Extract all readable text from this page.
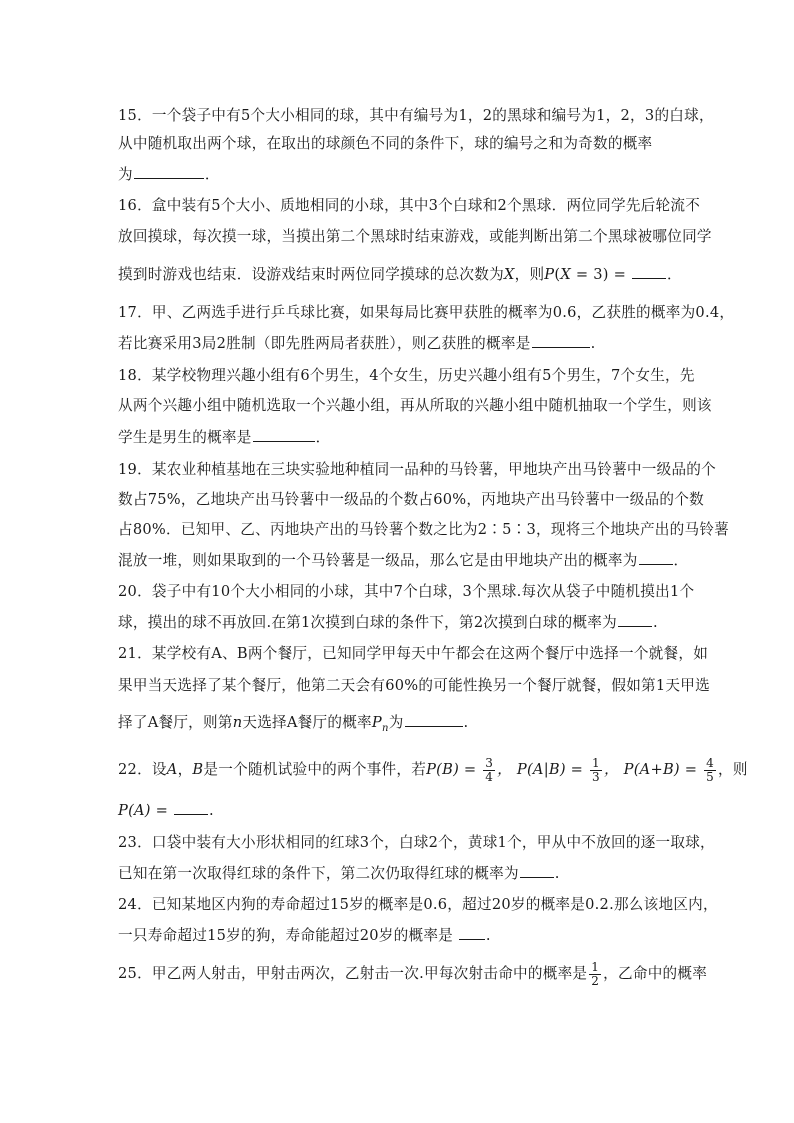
15．一个袋子中有5个大小相同的球，其中有编号为1，2的黑球和编号为1，2，3的白球，
从中随机取出两个球，在取出的球颜色不同的条件下，球的编号之和为奇数的概率
为	．
16．盒中装有5个大小、质地相同的小球，其中3个白球和2个黑球．两位同学先后轮流不
放回摸球，每次摸一球，当摸出第二个黑球时结束游戏，或能判断出第二个黑球被哪位同学
摸到时游戏也结束．设游戏结束时两位同学摸球的总次数为X，则P(X = 3) = ．
17．甲、乙两选手进行乒乓球比赛，如果每局比赛甲获胜的概率为0.6，乙获胜的概率为0.4，
若比赛采用3局2胜制（即先胜两局者获胜），则乙获胜的概率是	.
18．某学校物理兴趣小组有6个男生，4个女生，历史兴趣小组有5个男生，7个女生，先
从两个兴趣小组中随机选取一个兴趣小组，再从所取的兴趣小组中随机抽取一个学生，则该
学生是男生的概率是	．
19．某农业种植基地在三块实验地种植同一品种的马铃薯，甲地块产出马铃薯中一级品的个
数占75%，乙地块产出马铃薯中一级品的个数占60%，丙地块产出马铃薯中一级品的个数
占80%．已知甲、乙、丙地块产出的马铃薯个数之比为2∶5∶3，现将三个地块产出的马铃薯
混放一堆，则如果取到的一个马铃薯是一级品，那么它是由甲地块产出的概率为 ．
20．袋子中有10个大小相同的小球，其中7个白球，3个黑球.每次从袋子中随机摸出1个
球，摸出的球不再放回.在第1次摸到白球的条件下，第2次摸到白球的概率为 .
21．某学校有A、B两个餐厅，已知同学甲每天中午都会在这两个餐厅中选择一个就餐，如
果甲当天选择了某个餐厅，他第二天会有60%的可能性换另一个餐厅就餐，假如第1天甲选
择了A餐厅，则第n天选择A餐厅的概率$P_n$为	.
22．设A，B是一个随机试验中的两个事件，若$P(B) = \frac{3}{4}$ ， $P(A|B) = \frac{1}{3}$ ， $P(A+B) = \frac{4}{5}$ ，则
P(A) = .
23．口袋中装有大小形状相同的红球3个，白球2个，黄球1个，甲从中不放回的逐一取球，
已知在第一次取得红球的条件下，第二次仍取得红球的概率为 .
24．已知某地区内狗的寿命超过15岁的概率是0.6，超过20岁的概率是0.2.那么该地区内，
一只寿命超过15岁的狗，寿命能超过20岁的概率是 .
25．甲乙两人射击，甲射击两次，乙射击一次.甲每次射击命中的概率是 $\frac{1}{2}$ ，乙命中的概率
